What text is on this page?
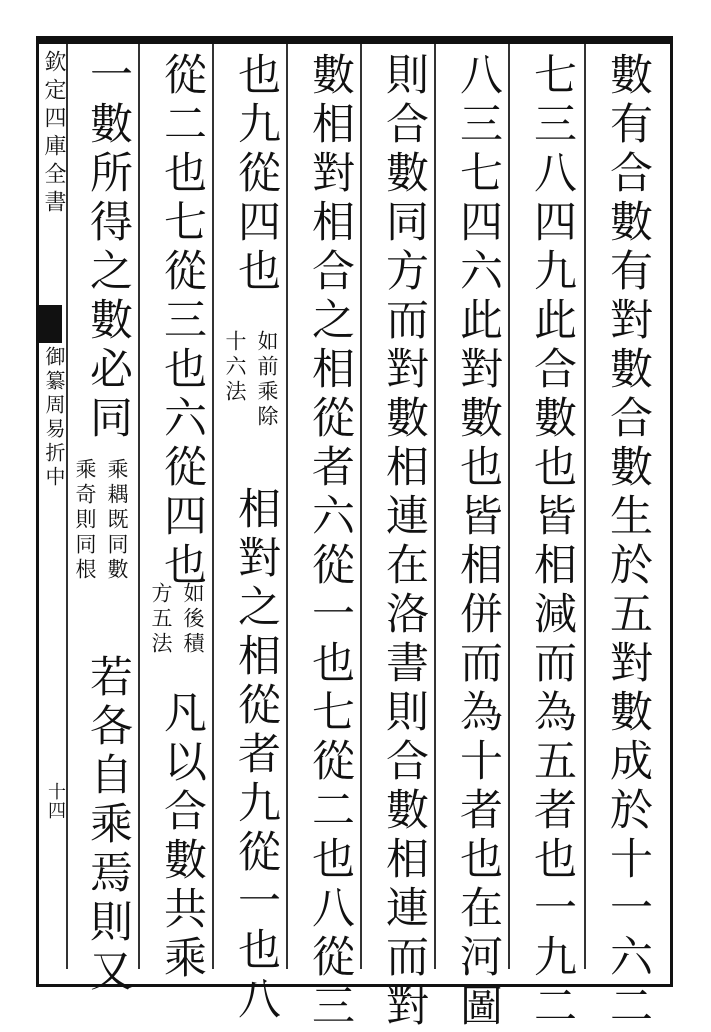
欽定四庫全書
御纂周易折中
十四	數有合數有對數合數生於五對數成於十一六二
七三八四九此合數也皆相減而為五者也一九二
八三七四六此對數也皆相併而為十者也在河圖
則合數同方而對數相連在洛書則合數相連而對
數相對相合之相從者六從一也七從二也八從三
也九從四也
如前乘除
十六法
相對之相從者九從一也八
從二也七從三也六從四也
如後積
方五法
凡以合數共乘
一數所得之數必同
乘耦既同數
乘奇則同根
若各自乘焉則又
